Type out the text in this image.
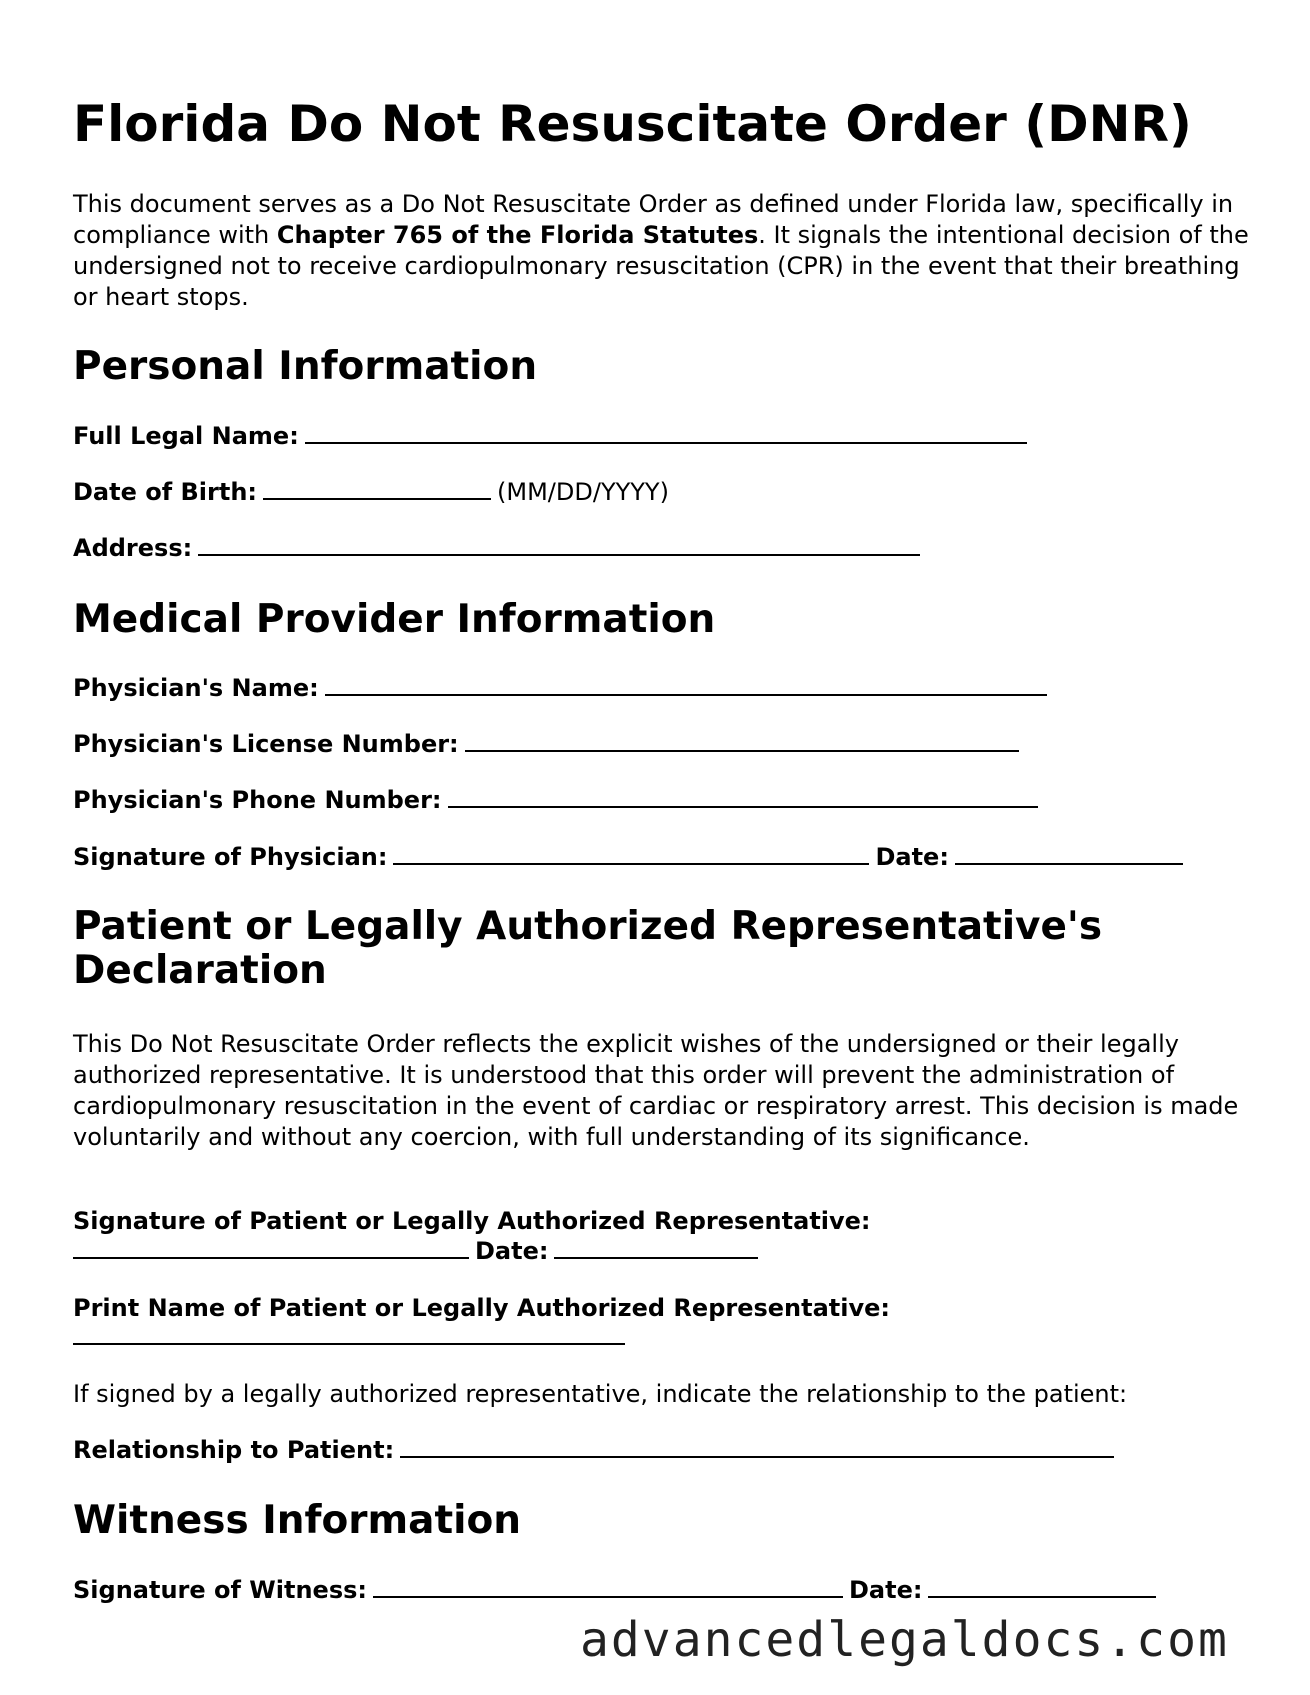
Florida Do Not Resuscitate Order (DNR)

This document serves as a Do Not Resuscitate Order as defined under Florida law, specifically in compliance with Chapter 765 of the Florida Statutes. It signals the intentional decision of the undersigned not to receive cardiopulmonary resuscitation (CPR) in the event that their breathing or heart stops.

Personal Information
Full Legal Name:
Date of Birth:	(MM/DD/YYYY)
Address:
Medical Provider Information
Physician's Name:
Physician's License Number:
Physician's Phone Number:
Signature of Physician:	Date:
Patient or Legally Authorized Representative's
Declaration

This Do Not Resuscitate Order reflects the explicit wishes of the undersigned or their legally authorized representative. It is understood that this order will prevent the administration of cardiopulmonary resuscitation in the event of cardiac or respiratory arrest. This decision is made voluntarily and without any coercion, with full understanding of its significance.

Signature of Patient or Legally Authorized Representative:
Date:
Print Name of Patient or Legally Authorized Representative:
If signed by a legally authorized representative, indicate the relationship to the patient:
Relationship to Patient:
Witness Information
Signature of Witness:	Date:
advancedlegaldocs.com
